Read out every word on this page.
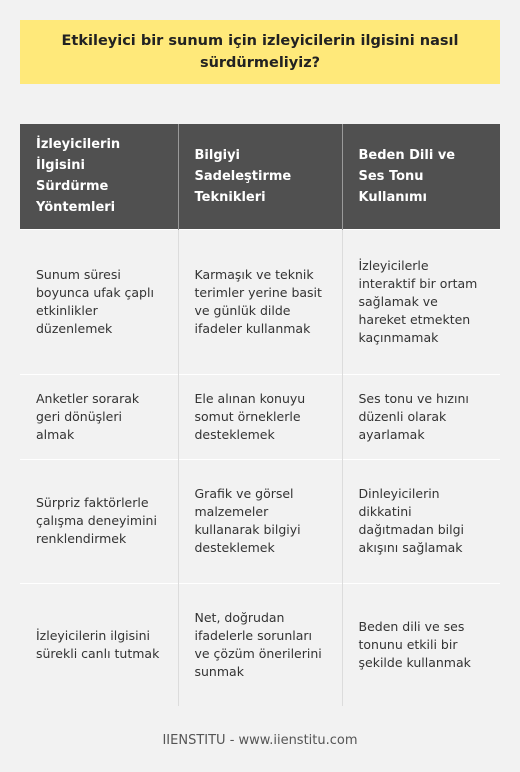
Etkileyici bir sunum için izleyicilerin ilgisini nasıl sürdürmeliyiz?
İzleyicilerin İlgisini Sürdürme Yöntemleri	Bilgiyi Sadeleştirme Teknikleri	Beden Dili ve Ses Tonu Kullanımı
Sunum süresi boyunca ufak çaplı etkinlikler düzenlemek	Karmaşık ve teknik terimler yerine basit ve günlük dilde ifadeler kullanmak	İzleyicilerle interaktif bir ortam sağlamak ve hareket etmekten kaçınmamak
Anketler sorarak geri dönüşleri almak	Ele alınan konuyu somut örneklerle desteklemek	Ses tonu ve hızını düzenli olarak ayarlamak
Sürpriz faktörlerle çalışma deneyimini renklendirmek	Grafik ve görsel malzemeler kullanarak bilgiyi desteklemek	Dinleyicilerin dikkatini dağıtmadan bilgi akışını sağlamak
İzleyicilerin ilgisini sürekli canlı tutmak	Net, doğrudan ifadelerle sorunları ve çözüm önerilerini sunmak	Beden dili ve ses tonunu etkili bir şekilde kullanmak
IIENSTITU - www.iienstitu.com
